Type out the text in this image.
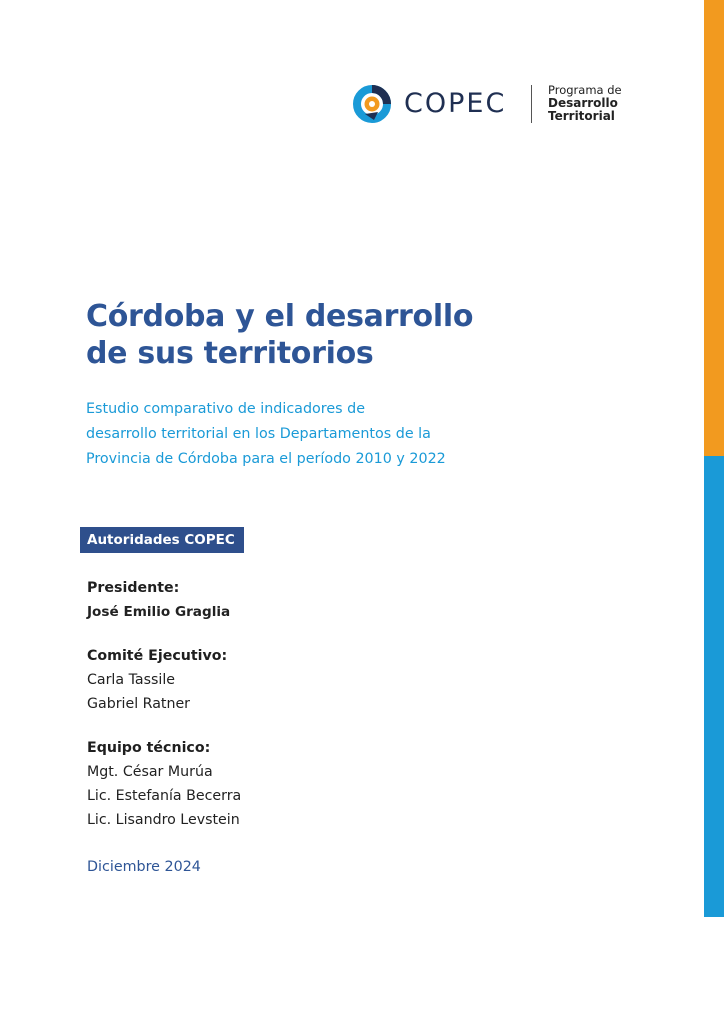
COPEC	Programa de
Desarrollo
Territorial
Córdoba y el desarrollo
de sus territorios
Estudio comparativo de indicadores de
desarrollo territorial en los Departamentos de la
Provincia de Córdoba para el período 2010 y 2022
Autoridades COPEC
Presidente:
José Emilio Graglia
Comité Ejecutivo:
Carla Tassile
Gabriel Ratner
Equipo técnico:
Mgt. César Murúa
Lic. Estefanía Becerra
Lic. Lisandro Levstein
Diciembre 2024
